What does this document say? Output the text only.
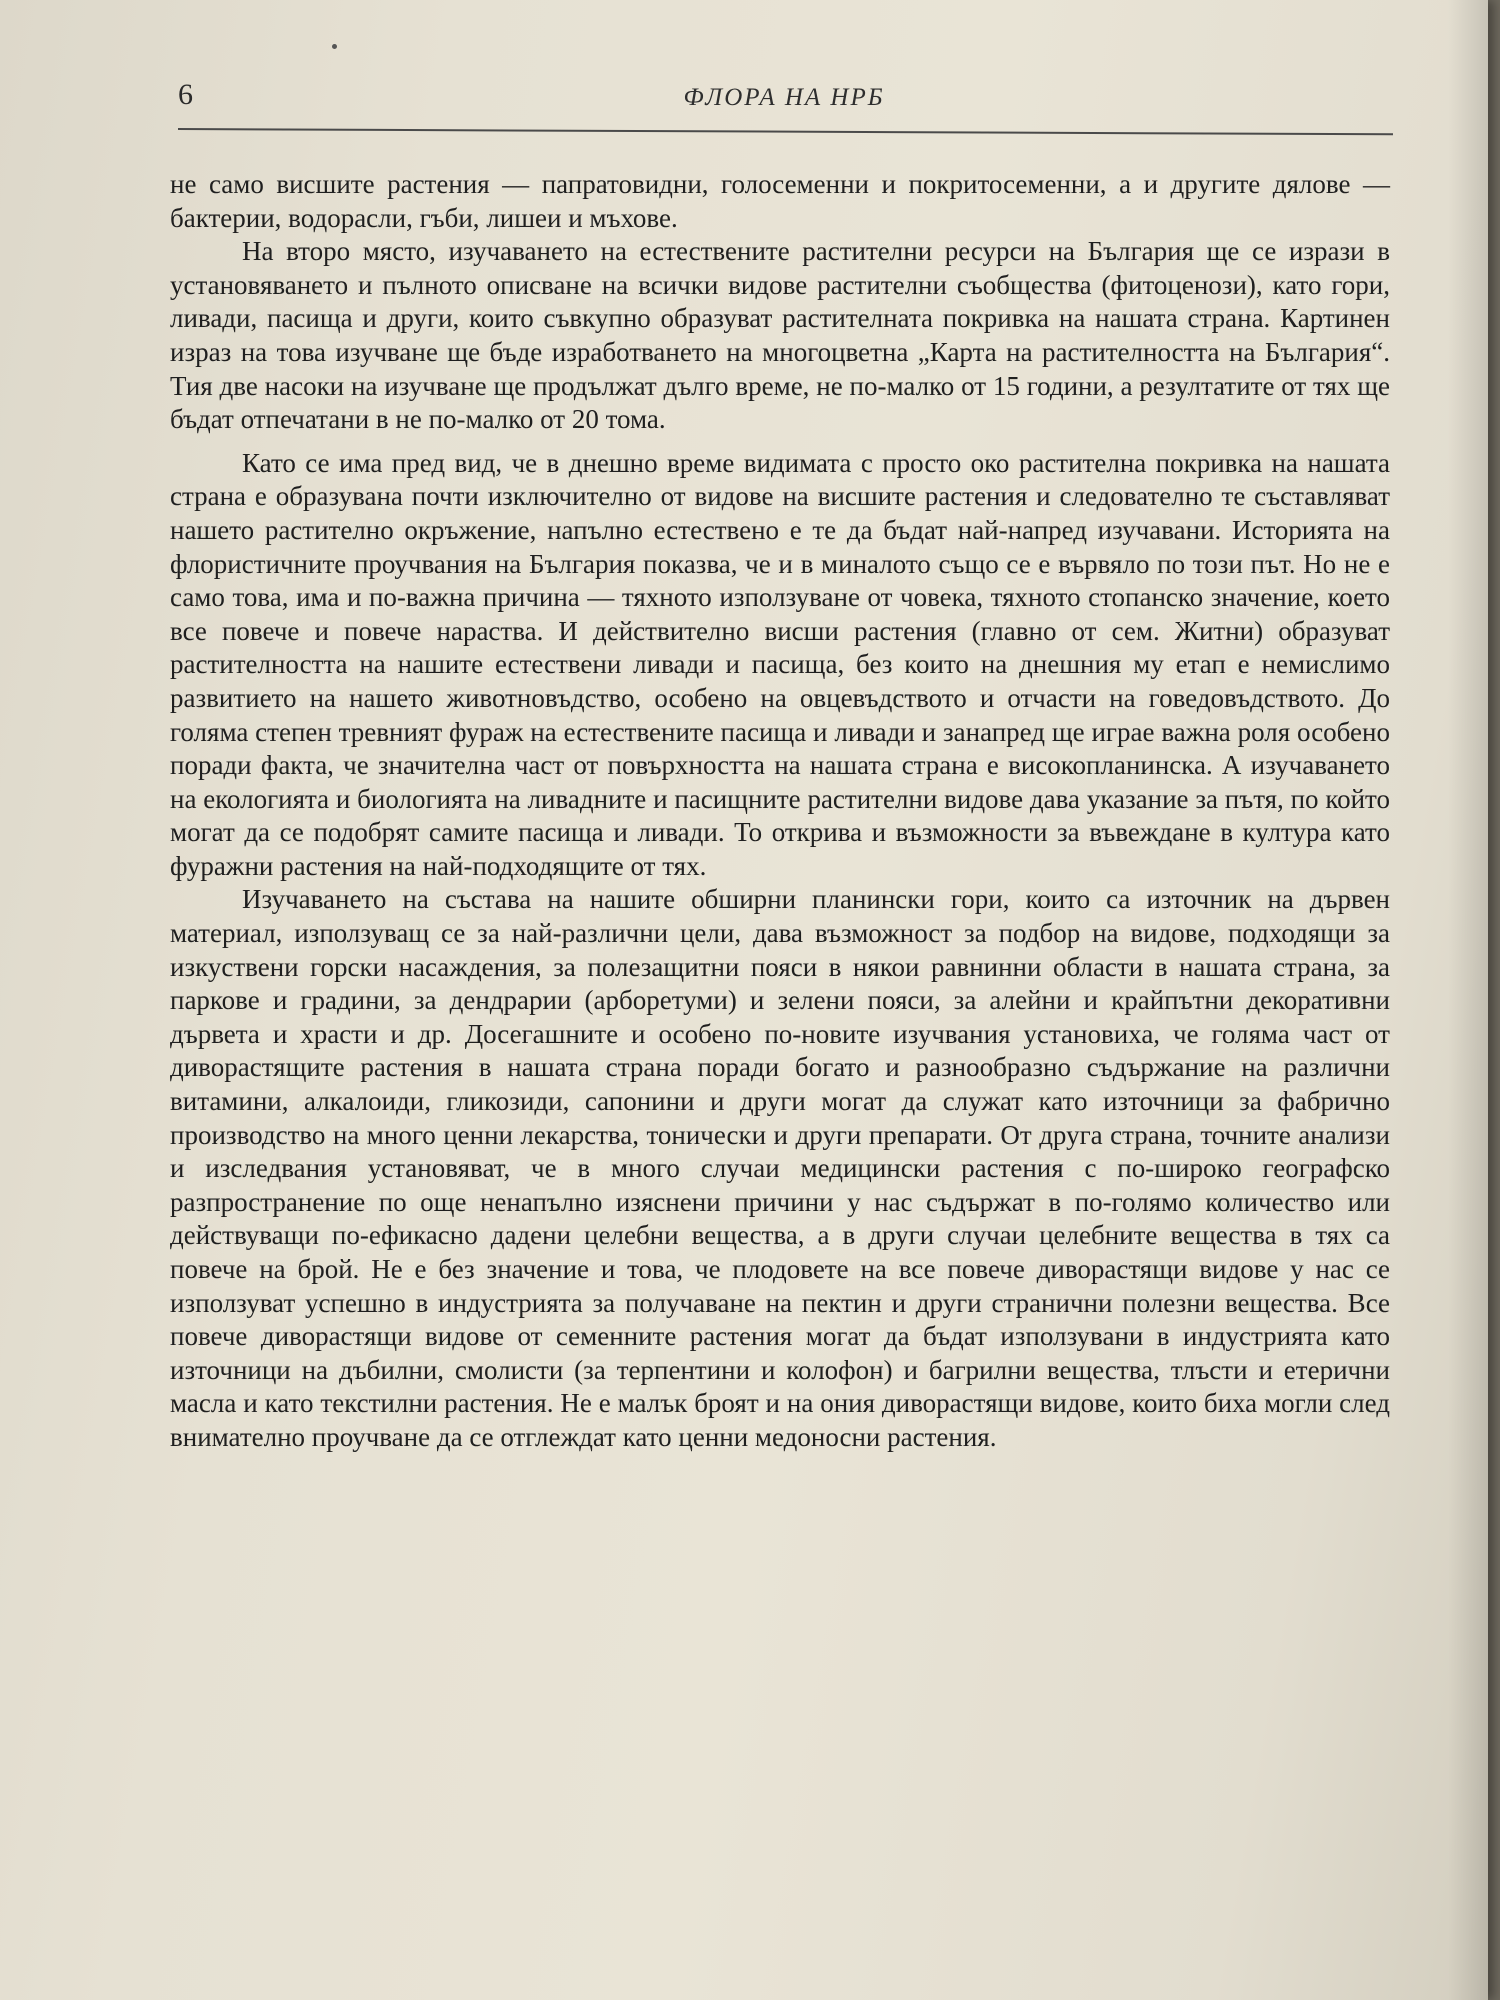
6	ФЛОРА НА НРБ

не само висшите растения — папратовидни, голосеменни и покритосеменни, а и другите дялове — бактерии, водорасли, гъби, лишеи и мъхове.

На второ място, изучаването на естествените растителни ресурси на България ще се изрази в установяването и пълното описване на всички видове растителни съобщества (фитоценози), като гори, ливади, пасища и други, които съвкупно образуват растителната покривка на нашата страна. Картинен израз на това изучване ще бъде изработването на многоцветна „Карта на растителността на България“. Тия две насоки на изучване ще продължат дълго време, не по-малко от 15 години, а резултатите от тях ще бъдат отпечатани в не по-малко от 20 тома.

Като се има пред вид, че в днешно време видимата с просто око растителна покривка на нашата страна е образувана почти изключително от видове на висшите растения и следователно те съставляват нашето растително окръжение, напълно естествено е те да бъдат най-напред изучавани. Историята на флористичните проучвания на България показва, че и в миналото също се е вървяло по този път. Но не е само това, има и по-важна причина — тяхното използуване от човека, тяхното стопанско значение, което все повече и повече нараства. И действително висши растения (главно от сем. Житни) образуват растителността на нашите естествени ливади и пасища, без които на днешния му етап е немислимо развитието на нашето животновъдство, особено на овцевъдството и отчасти на говедовъдството. До голяма степен тревният фураж на естествените пасища и ливади и занапред ще играе важна роля особено поради факта, че значителна част от повърхността на нашата страна е високопланинска. А изучаването на екологията и биологията на ливадните и пасищните растителни видове дава указание за пътя, по който могат да се подобрят самите пасища и ливади. То открива и възможности за въвеждане в култура като фуражни растения на най-подходящите от тях.

Изучаването на състава на нашите обширни планински гори, които са източник на дървен материал, използуващ се за най-различни цели, дава възможност за подбор на видове, подходящи за изкуствени горски насаждения, за полезащитни пояси в някои равнинни области в нашата страна, за паркове и градини, за дендрарии (арборетуми) и зелени пояси, за алейни и крайпътни декоративни дървета и храсти и др. Досегашните и особено по-новите изучвания установиха, че голяма част от диворастящите растения в нашата страна поради богато и разнообразно съдържание на различни витамини, алкалоиди, гликозиди, сапонини и други могат да служат като източници за фабрично производство на много ценни лекарства, тонически и други препарати. От друга страна, точните анализи и изследвания установяват, че в много случаи медицински растения с по-широко географско разпространение по още ненапълно изяснени причини у нас съдържат в по-голямо количество или действуващи по-ефикасно дадени целебни вещества, а в други случаи целебните вещества в тях са повече на брой. Не е без значение и това, че плодовете на все повече диворастящи видове у нас се използуват успешно в индустрията за получаване на пектин и други странични полезни вещества. Все повече диворастящи видове от семенните растения могат да бъдат използувани в индустрията като източници на дъбилни, смолисти (за терпентини и колофон) и багрилни вещества, тлъсти и етерични масла и като текстилни растения. Не е малък броят и на ония диворастящи видове, които биха могли след внимателно проучване да се отглеждат като ценни медоносни растения.
